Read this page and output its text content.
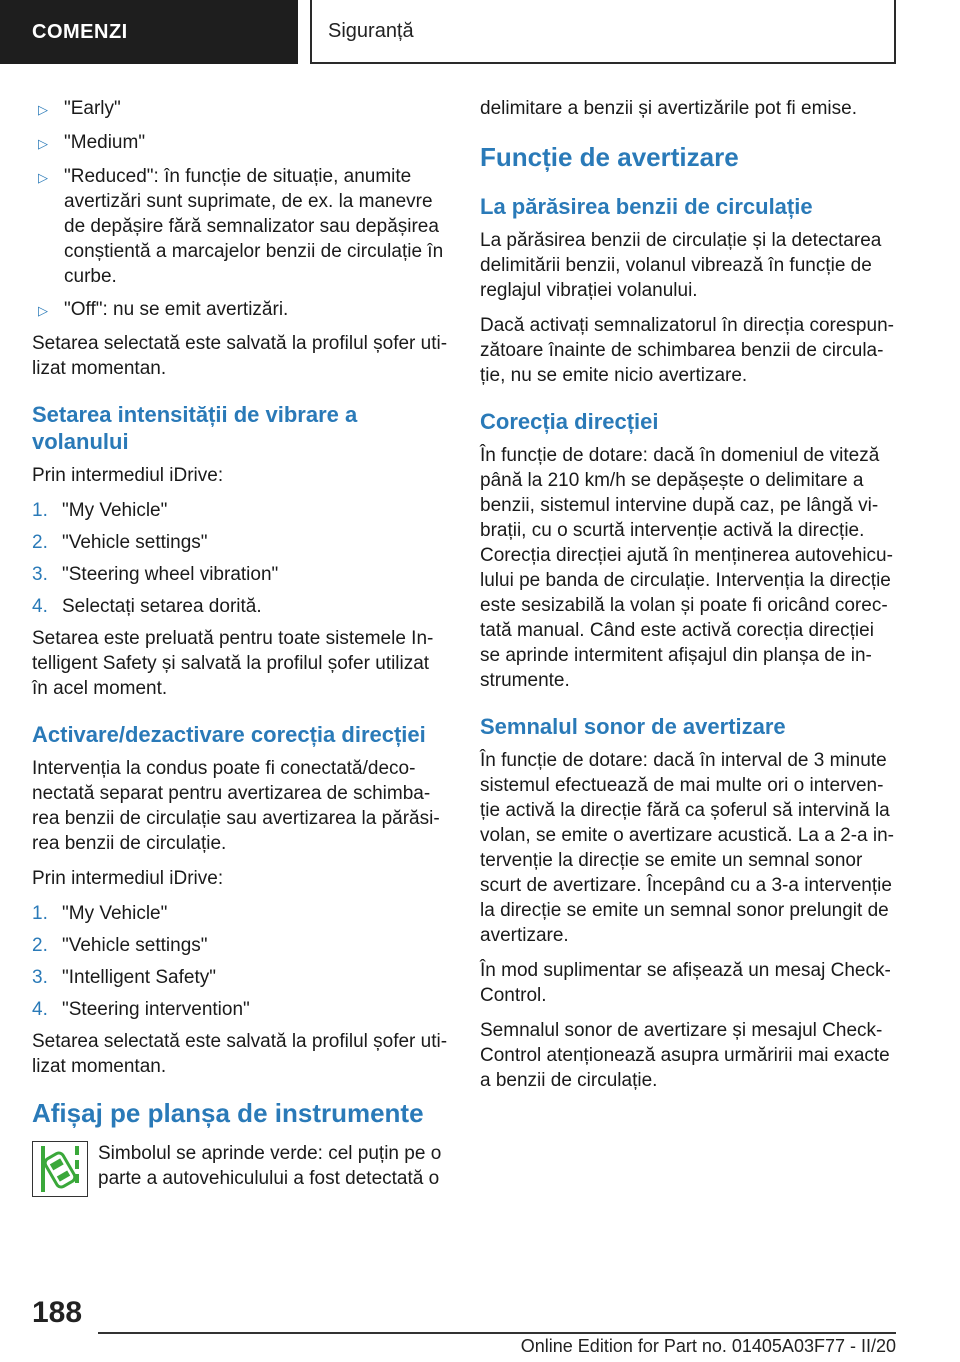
COMENZI	Siguranță
▷ "Early"
▷ "Medium"
▷ "Reduced": în funcție de situație, anumite avertizări sunt suprimate, de ex. la manevre de depășire fără semnalizator sau depășirea conștientă a marcajelor benzii de circulație în curbe.
▷ "Off": nu se emit avertizări.

Setarea selectată este salvată la profilul șofer utilizat momentan.

Setarea intensității de vibrare a volanului

Prin intermediul iDrive:

1. "My Vehicle"
2. "Vehicle settings"
3. "Steering wheel vibration"
4. Selectați setarea dorită.

Setarea este preluată pentru toate sistemele Intelligent Safety și salvată la profilul șofer utilizat în acel moment.

Activare/dezactivare corecția direcției

Intervenția la condus poate fi conectată/deconectată separat pentru avertizarea de schimbarea benzii de circulație sau avertizarea la părăsirea benzii de circulație.

Prin intermediul iDrive:

1. "My Vehicle"
2. "Vehicle settings"
3. "Intelligent Safety"
4. "Steering intervention"

Setarea selectată este salvată la profilul șofer utilizat momentan.

Afișaj pe planșa de instrumente
Simbolul se aprinde verde: cel puțin pe o parte a autovehiculului a fost detectată o

delimitare a benzii și avertizările pot fi emise.

Funcție de avertizare
La părăsirea benzii de circulație

La părăsirea benzii de circulație și la detectarea delimitării benzii, volanul vibrează în funcție de reglajul vibrației volanului.

Dacă activați semnalizatorul în direcția corespunzătoare înainte de schimbarea benzii de circulație, nu se emite nicio avertizare.

Corecția direcției

În funcție de dotare: dacă în domeniul de viteză până la 210 km/h se depășește o delimitare a benzii, sistemul intervine după caz, pe lângă vibrații, cu o scurtă intervenție activă la direcție. Corecția direcției ajută în menținerea autovehiculului pe banda de circulație. Intervenția la direcție este sesizabilă la volan și poate fi oricând corectată manual. Când este activă corecția direcției se aprinde intermitent afișajul din planșa de instrumente.

Semnalul sonor de avertizare

În funcție de dotare: dacă în interval de 3 minute sistemul efectuează de mai multe ori o intervenție activă la direcție fără ca șoferul să intervină la volan, se emite o avertizare acustică. La a 2-a intervenție la direcție se emite un semnal sonor scurt de avertizare. Începând cu a 3-a intervenție la direcție se emite un semnal sonor prelungit de avertizare.

În mod suplimentar se afișează un mesaj Check-Control.

Semnalul sonor de avertizare și mesajul Check-Control atenționează asupra urmăririi mai exacte a benzii de circulație.

188
Online Edition for Part no. 01405A03F77 - II/20
